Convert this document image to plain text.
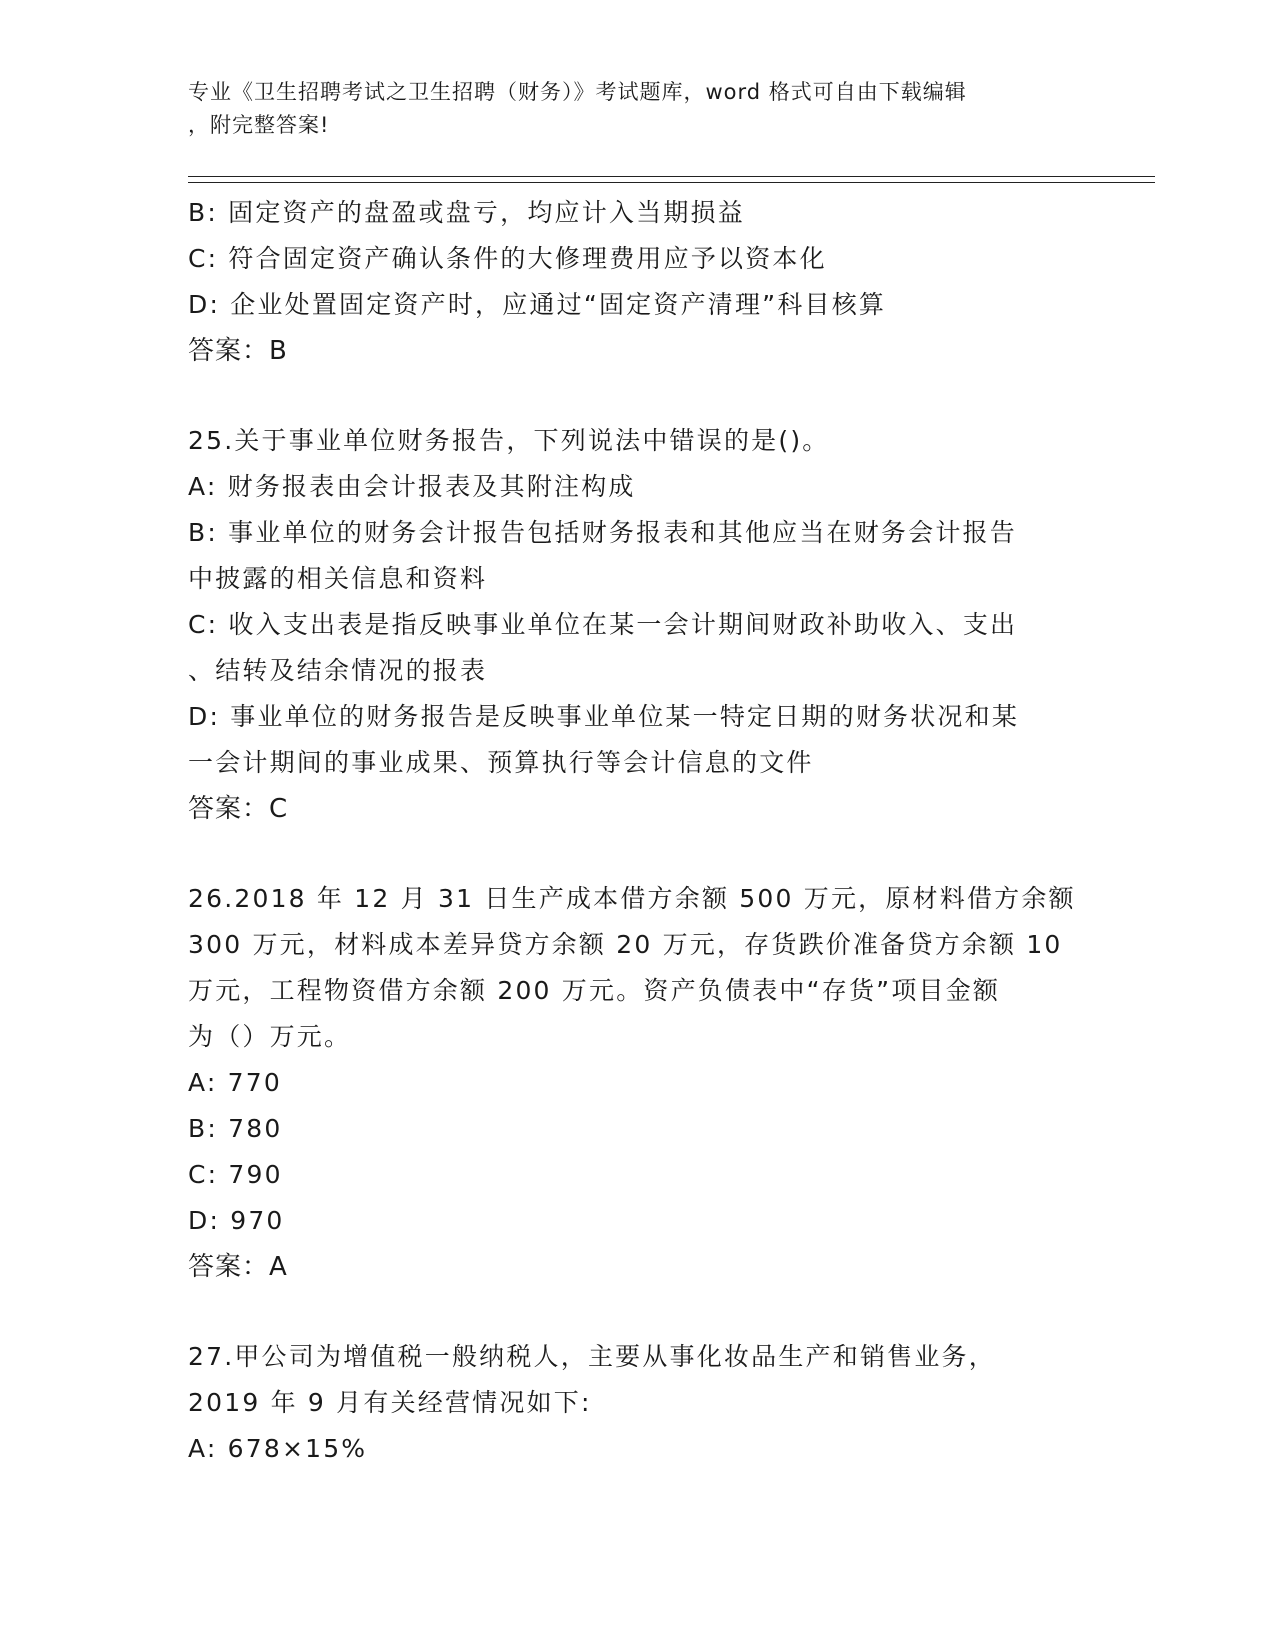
专业《卫生招聘考试之卫生招聘（财务）》考试题库，word 格式可自由下载编辑
，附完整答案!
B: 固定资产的盘盈或盘亏，均应计入当期损益
C: 符合固定资产确认条件的大修理费用应予以资本化
D: 企业处置固定资产时，应通过“固定资产清理”科目核算
答案：B
25.关于事业单位财务报告，下列说法中错误的是()。
A: 财务报表由会计报表及其附注构成
B: 事业单位的财务会计报告包括财务报表和其他应当在财务会计报告
中披露的相关信息和资料
C: 收入支出表是指反映事业单位在某一会计期间财政补助收入、支出
、结转及结余情况的报表
D: 事业单位的财务报告是反映事业单位某一特定日期的财务状况和某
一会计期间的事业成果、预算执行等会计信息的文件
答案：C
26.2018 年 12 月 31 日生产成本借方余额 500 万元，原材料借方余额
300 万元，材料成本差异贷方余额 20 万元，存货跌价准备贷方余额 10
万元，工程物资借方余额 200 万元。资产负债表中“存货”项目金额
为（）万元。
A: 770
B: 780
C: 790
D: 970
答案：A
27.甲公司为增值税一般纳税人，主要从事化妆品生产和销售业务，
2019 年 9 月有关经营情况如下:
A: 678×15%
